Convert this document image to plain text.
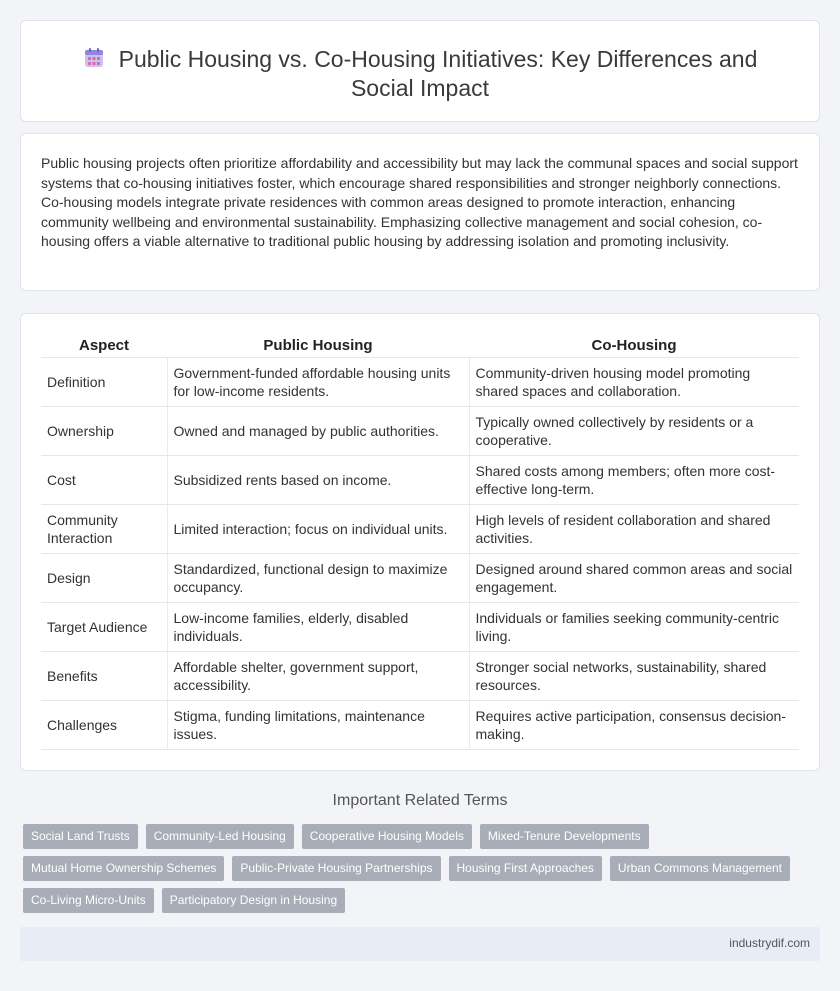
Public Housing vs. Co-Housing Initiatives: Key Differences and Social Impact

Public housing projects often prioritize affordability and accessibility but may lack the communal spaces and social support systems that co-housing initiatives foster, which encourage shared responsibilities and stronger neighborly connections. Co-housing models integrate private residences with common areas designed to promote interaction, enhancing community wellbeing and environmental sustainability. Emphasizing collective management and social cohesion, co-housing offers a viable alternative to traditional public housing by addressing isolation and promoting inclusivity.

Aspect	Public Housing	Co-Housing
Definition	Government-funded affordable housing units for low-income residents.	Community-driven housing model promoting shared spaces and collaboration.
Ownership	Owned and managed by public authorities.	Typically owned collectively by residents or a cooperative.
Cost	Subsidized rents based on income.	Shared costs among members; often more cost-effective long-term.
Community Interaction	Limited interaction; focus on individual units.	High levels of resident collaboration and shared activities.
Design	Standardized, functional design to maximize occupancy.	Designed around shared common areas and social engagement.
Target Audience	Low-income families, elderly, disabled individuals.	Individuals or families seeking community-centric living.
Benefits	Affordable shelter, government support, accessibility.	Stronger social networks, sustainability, shared resources.
Challenges	Stigma, funding limitations, maintenance issues.	Requires active participation, consensus decision-making.
Important Related Terms
Social Land Trusts	Community-Led Housing	Cooperative Housing Models	Mixed-Tenure Developments
Mutual Home Ownership Schemes	Public-Private Housing Partnerships	Housing First Approaches	Urban Commons Management
Co-Living Micro-Units	Participatory Design in Housing
industrydif.com
